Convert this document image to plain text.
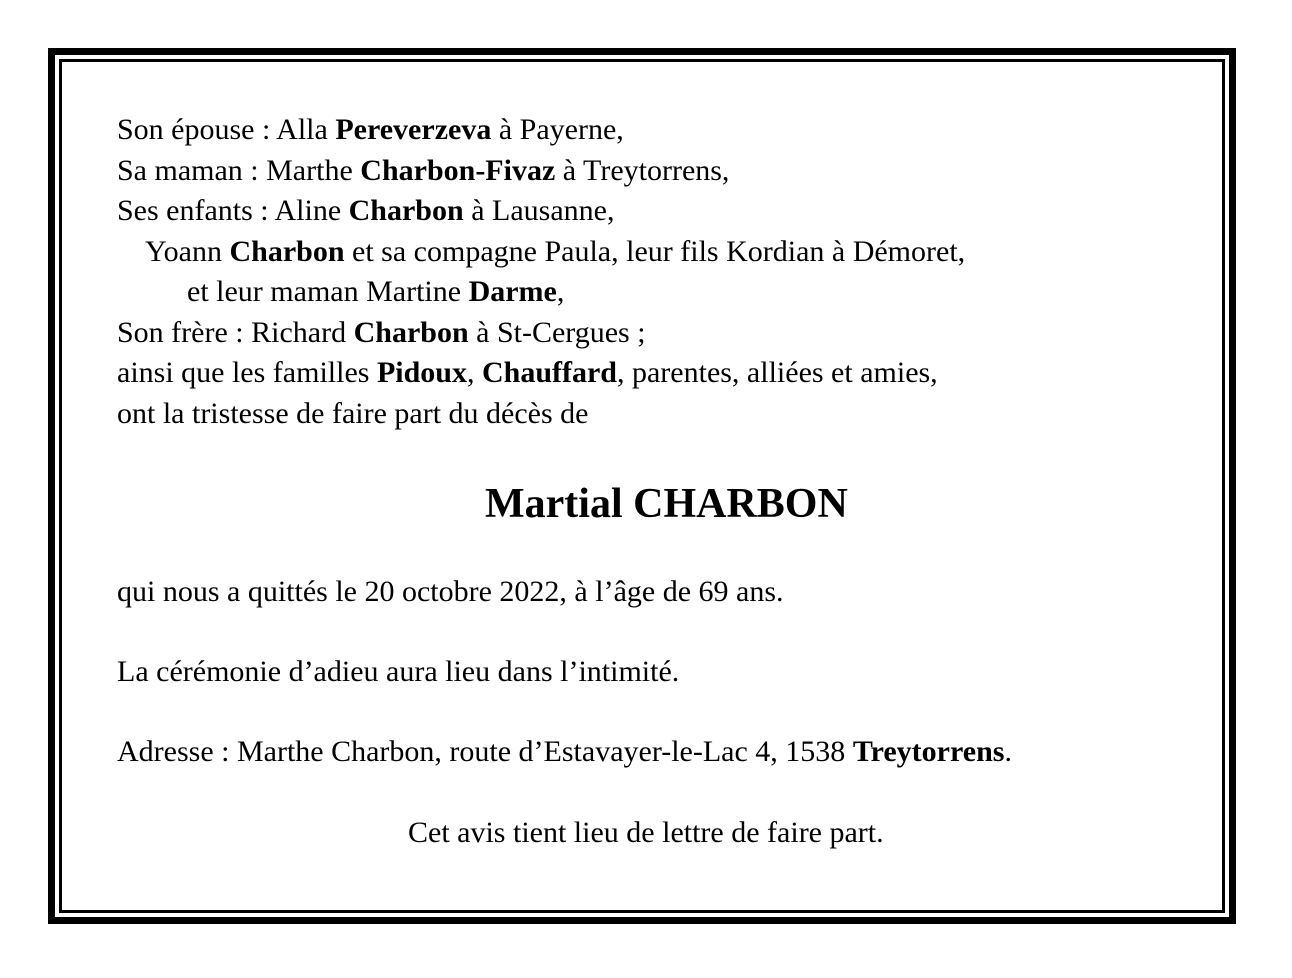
Son épouse : Alla Pereverzeva à Payerne,
Sa maman : Marthe Charbon-Fivaz à Treytorrens,
Ses enfants : Aline Charbon à Lausanne,
Yoann Charbon et sa compagne Paula, leur fils Kordian à Démoret,
et leur maman Martine Darme,
Son frère : Richard Charbon à St-Cergues ;
ainsi que les familles Pidoux, Chauffard, parentes, alliées et amies,
ont la tristesse de faire part du décès de
Martial CHARBON
qui nous a quittés le 20 octobre 2022, à l’âge de 69 ans.
La cérémonie d’adieu aura lieu dans l’intimité.
Adresse : Marthe Charbon, route d’Estavayer-le-Lac 4, 1538 Treytorrens.
Cet avis tient lieu de lettre de faire part.
